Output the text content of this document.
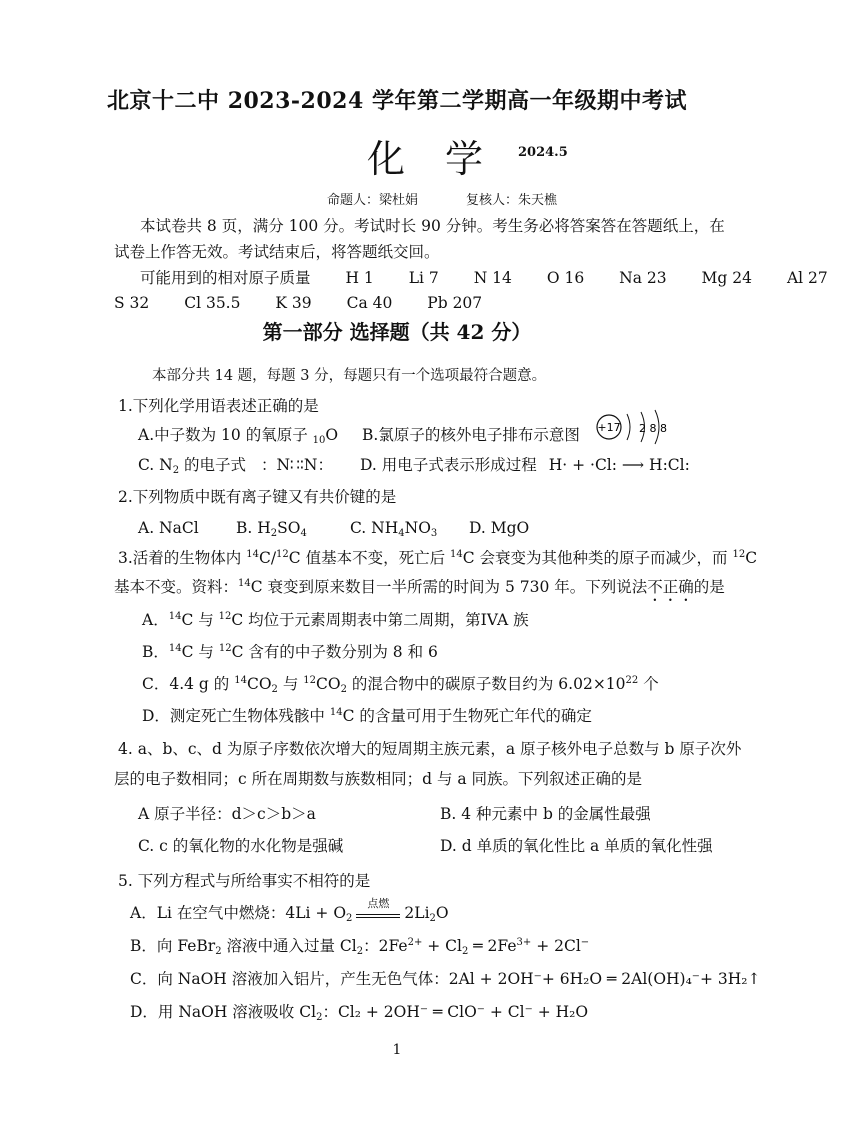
北京十二中 2023-2024 学年第二学期高一年级期中考试
化学
2024.5
命题人：梁杜娟	复核人：朱天樵
本试卷共 8 页，满分 100 分。考试时长 90 分钟。考生务必将答案答在答题纸上，在
试卷上作答无效。考试结束后，将答题纸交回。
可能用到的相对原子质量 H 1 Li 7 N 14 O 16 Na 23 Mg 24 Al 27
S 32 Cl 35.5 K 39 Ca 40 Pb 207
第一部分 选择题（共 42 分）
本部分共 14 题，每题 3 分，每题只有一个选项最符合题意。
1.下列化学用语表述正确的是
A.中子数为 10 的氧原子 $_{10}$O B.氯原子的核外电子排布示意图 +17 2 8 8
C. $N_2$ 的电子式 ：N∷∶N： D. 用电子式表示形成过程 H· + ·Cl: ⟶ H:Cl:
2.下列物质中既有离子键又有共价键的是
A. NaCl B. $H_2SO_4$	C. $NH_4NO_3$ D. MgO
3.活着的生物体内 $^{14}$C/$^{12}$C 值基本不变，死亡后 $^{14}$C 会衰变为其他种类的原子而减少，而 $^{12}$C
基本不变。资料：$^{14}$C 衰变到原来数目一半所需的时间为 5 730 年。下列说法不正确的是
A．$^{14}$C 与 $^{12}$C 均位于元素周期表中第二周期，第IVA 族
B．$^{14}$C 与 $^{12}$C 含有的中子数分别为 8 和 6
C．4.4 g 的 $^{14}CO_2$ 与 $^{12}CO_2$ 的混合物中的碳原子数目约为 $6.02\times 10^{22}$ 个
D．测定死亡生物体残骸中 $^{14}$C 的含量可用于生物死亡年代的确定
4. a、b、c、d 为原子序数依次增大的短周期主族元素，a 原子核外电子总数与 b 原子次外
层的电子数相同；c 所在周期数与族数相同；d 与 a 同族。下列叙述正确的是
A 原子半径：d＞c＞b＞a	B. 4 种元素中 b 的金属性最强
C. c 的氧化物的水化物是强碱	D. d 单质的氧化性比 a 单质的氧化性强
5. 下列方程式与所给事实不相符的是
A．Li 在空气中燃烧：$4Li + O_2$
点燃
$2Li_2O$
B．向 FeBr$_2$ 溶液中通入过量 $Cl_2$：$2Fe^{2+} + Cl_2$ ═ $2Fe^{3+} + 2Cl^-$
C．向 NaOH 溶液加入铝片，产生无色气体：2Al + 2OH⁻+ 6H₂O ═ 2Al(OH)₄⁻+ 3H₂↑
D．用 NaOH 溶液吸收 $Cl_2$：Cl₂ + 2OH⁻ ═ ClO⁻ + Cl⁻ + H₂O
1
